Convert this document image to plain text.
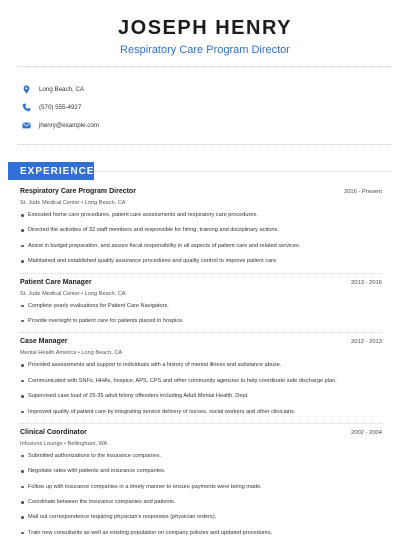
JOSEPH HENRY
Respiratory Care Program Director
Long Beach, CA
(570) 555-4927
jhenry@example.com
EXPERIENCE
Respiratory Care Program Director	2016 - Present
St. Jude Medical Center • Long Beach, CA
Executed home care procedures, patient care assessments and respiratory care procedures.
Directed the activities of 32 staff members and responsible for hiring, training and disciplinary actions.
Assist in budget preparation, and assure fiscal responsibility in all aspects of patient care and related services.
Maintained and established quality assurance procedures and quality control to improve patient care.
Patient Care Manager	2013 - 2016
St. Jude Medical Center • Long Beach, CA
Complete yearly evaluations for Patient Care Navigators.
Provide oversight to patient care for patients placed in hospice.
Case Manager	2012 - 2013
Mental Health America • Long Beach, CA
Provided assessments and support to individuals with a history of mental illness and substance abuse.
Communicated with SNFs, HHAs, hospice, APS, CPS and other community agencies to help coordinate safe discharge plan.
Supervised case load of 25-35 adult felony offenders including Adult Mental Health, Dept.
Improved quality of patient care by integrating service delivery of nurses, social workers and other clinicians.
Clinical Coordinator	2002 - 2004
Infusions Lounge • Bellingham, WA
Submitted authorizations to the insurance companies.
Negotiate rates with patients and insurance companies.
Follow up with insurance companies in a timely manner to ensure payments were being made.
Coordinate between the insurance companies and patients.
Mail out correspondence requiring physician's responses (physician orders).
Train new consultants as well as existing population on company policies and updated procedures.
